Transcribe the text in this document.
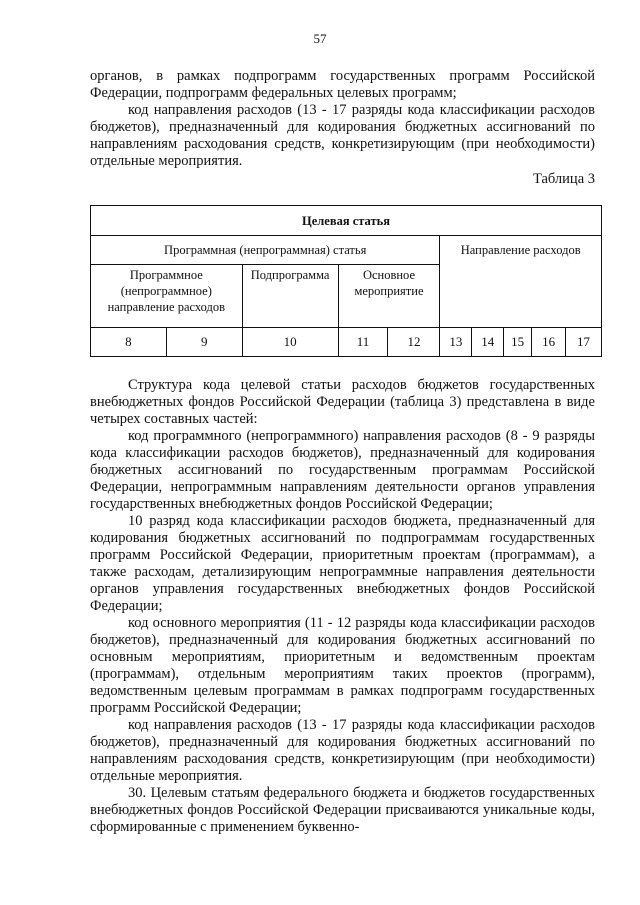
57

органов, в рамках подпрограмм государственных программ Российской Федерации, подпрограмм федеральных целевых программ;

код направления расходов (13 - 17 разряды кода классификации расходов бюджетов), предназначенный для кодирования бюджетных ассигнований по направлениям расходования средств, конкретизирующим (при необходимости) отдельные мероприятия.

Таблица 3
Целевая статья									
Программная (непрограммная) статья					Направление расходов				
Программное (непрограммное) направление расходов		Подпрограмма	Основное мероприятие						
8	9	10	11	12	13	14	15	16	17

Структура кода целевой статьи расходов бюджетов государственных внебюджетных фондов Российской Федерации (таблица 3) представлена в виде четырех составных частей:

код программного (непрограммного) направления расходов (8 - 9 разряды кода классификации расходов бюджетов), предназначенный для кодирования бюджетных ассигнований по государственным программам Российской Федерации, непрограммным направлениям деятельности органов управления государственных внебюджетных фондов Российской Федерации;

10 разряд кода классификации расходов бюджета, предназначенный для кодирования бюджетных ассигнований по подпрограммам государственных программ Российской Федерации, приоритетным проектам (программам), а также расходам, детализирующим непрограммные направления деятельности органов управления государственных внебюджетных фондов Российской Федерации;

код основного мероприятия (11 - 12 разряды кода классификации расходов бюджетов), предназначенный для кодирования бюджетных ассигнований по основным мероприятиям, приоритетным и ведомственным проектам (программам), отдельным мероприятиям таких проектов (программ), ведомственным целевым программам в рамках подпрограмм государственных программ Российской Федерации;

код направления расходов (13 - 17 разряды кода классификации расходов бюджетов), предназначенный для кодирования бюджетных ассигнований по направлениям расходования средств, конкретизирующим (при необходимости) отдельные мероприятия.

30. Целевым статьям федерального бюджета и бюджетов государственных внебюджетных фондов Российской Федерации присваиваются уникальные коды, сформированные с применением буквенно-
